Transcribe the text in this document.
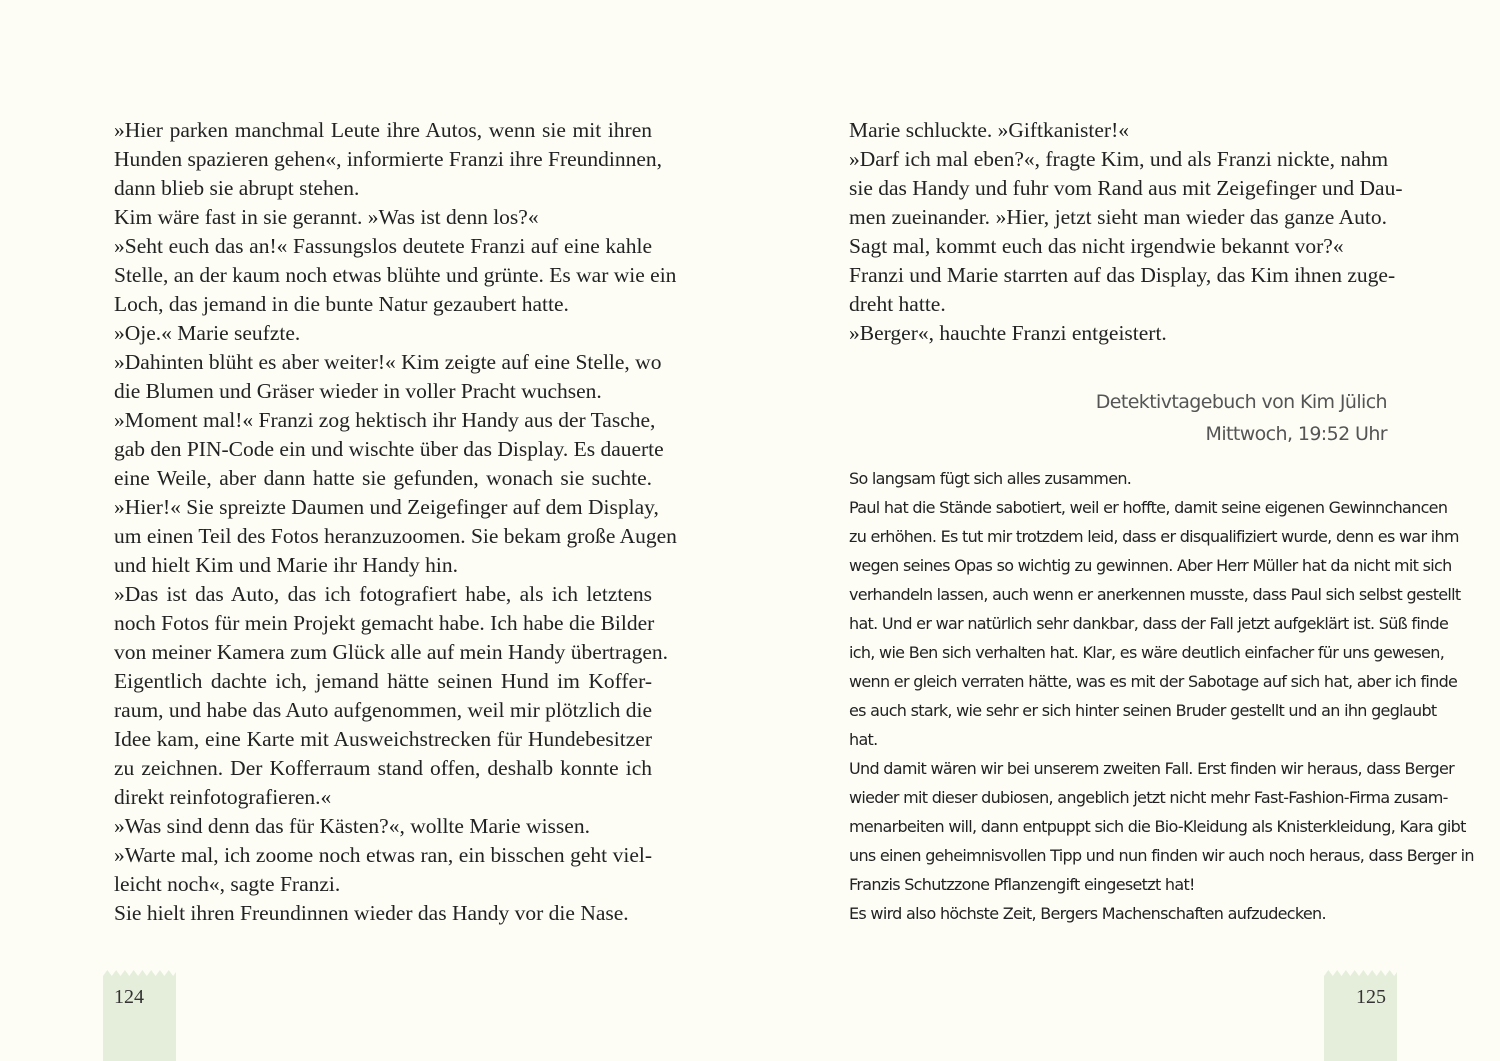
»Hier parken manchmal Leute ihre Autos, wenn sie mit ihren
Hunden spazieren gehen«, informierte Franzi ihre Freundinnen,
dann blieb sie abrupt stehen.
Kim wäre fast in sie gerannt. »Was ist denn los?«
»Seht euch das an!« Fassungslos deutete Franzi auf eine kahle
Stelle, an der kaum noch etwas blühte und grünte. Es war wie ein
Loch, das jemand in die bunte Natur gezaubert hatte.
»Oje.« Marie seufzte.
»Dahinten blüht es aber weiter!« Kim zeigte auf eine Stelle, wo
die Blumen und Gräser wieder in voller Pracht wuchsen.
»Moment mal!« Franzi zog hektisch ihr Handy aus der Tasche,
gab den PIN-Code ein und wischte über das Display. Es dauerte
eine Weile, aber dann hatte sie gefunden, wonach sie suchte.
»Hier!« Sie spreizte Daumen und Zeigefinger auf dem Display,
um einen Teil des Fotos heranzuzoomen. Sie bekam große Augen
und hielt Kim und Marie ihr Handy hin.
»Das ist das Auto, das ich fotografiert habe, als ich letztens
noch Fotos für mein Projekt gemacht habe. Ich habe die Bilder
von meiner Kamera zum Glück alle auf mein Handy übertragen.
Eigentlich dachte ich, jemand hätte seinen Hund im Koffer-
raum, und habe das Auto aufgenommen, weil mir plötzlich die
Idee kam, eine Karte mit Ausweichstrecken für Hundebesitzer
zu zeichnen. Der Kofferraum stand offen, deshalb konnte ich
direkt reinfotografieren.«
»Was sind denn das für Kästen?«, wollte Marie wissen.
»Warte mal, ich zoome noch etwas ran, ein bisschen geht viel-
leicht noch«, sagte Franzi.
Sie hielt ihren Freundinnen wieder das Handy vor die Nase.
124
Marie schluckte. »Giftkanister!«
»Darf ich mal eben?«, fragte Kim, und als Franzi nickte, nahm
sie das Handy und fuhr vom Rand aus mit Zeigefinger und Dau-
men zueinander. »Hier, jetzt sieht man wieder das ganze Auto.
Sagt mal, kommt euch das nicht irgendwie bekannt vor?«
Franzi und Marie starrten auf das Display, das Kim ihnen zuge-
dreht hatte.
»Berger«, hauchte Franzi entgeistert.
Detektivtagebuch von Kim Jülich
Mittwoch, 19:52 Uhr
So langsam fügt sich alles zusammen.
Paul hat die Stände sabotiert, weil er hoffte, damit seine eigenen Gewinnchancen
zu erhöhen. Es tut mir trotzdem leid, dass er disqualifiziert wurde, denn es war ihm
wegen seines Opas so wichtig zu gewinnen. Aber Herr Müller hat da nicht mit sich
verhandeln lassen, auch wenn er anerkennen musste, dass Paul sich selbst gestellt
hat. Und er war natürlich sehr dankbar, dass der Fall jetzt aufgeklärt ist. Süß finde
ich, wie Ben sich verhalten hat. Klar, es wäre deutlich einfacher für uns gewesen,
wenn er gleich verraten hätte, was es mit der Sabotage auf sich hat, aber ich finde
es auch stark, wie sehr er sich hinter seinen Bruder gestellt und an ihn geglaubt
hat.
Und damit wären wir bei unserem zweiten Fall. Erst finden wir heraus, dass Berger
wieder mit dieser dubiosen, angeblich jetzt nicht mehr Fast-Fashion-Firma zusam-
menarbeiten will, dann entpuppt sich die Bio-Kleidung als Knisterkleidung, Kara gibt
uns einen geheimnisvollen Tipp und nun finden wir auch noch heraus, dass Berger in
Franzis Schutzzone Pflanzengift eingesetzt hat!
Es wird also höchste Zeit, Bergers Machenschaften aufzudecken.
125
